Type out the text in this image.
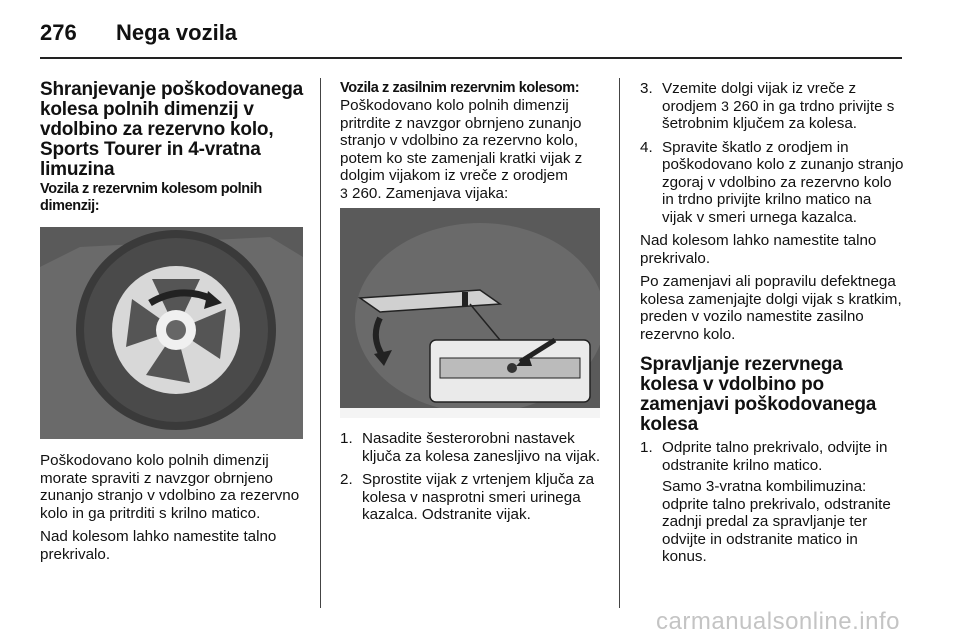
276 Nega vozila
Shranjevanje poškodovanega kolesa polnih dimenzij v vdolbino za rezervno kolo, Sports Tourer in 4-vratna limuzina
Vozila z rezervnim kolesom polnih dimenzij:

Poškodovano kolo polnih dimenzij morate spraviti z navzgor obrnjeno zunanjo stranjo v vdolbino za rezervno kolo in ga pritrditi s krilno matico.

Nad kolesom lahko namestite talno prekrivalo.

Vozila z zasilnim rezervnim kolesom:

Poškodovano kolo polnih dimenzij pritrdite z navzgor obrnjeno zunanjo stranjo v vdolbino za rezervno kolo, potem ko ste zamenjali kratki vijak z dolgim vijakom iz vreče z orodjem
3 260. Zamenjava vijaka:

1. Nasadite šesterorobni nastavek ključa za kolesa zanesljivo na vijak.
2. Sprostite vijak z vrtenjem ključa za kolesa v nasprotni smeri urinega kazalca. Odstranite vijak.
3. Vzemite dolgi vijak iz vreče z orodjem 3 260 in ga trdno privijte s šetrobnim ključem za kolesa.
4. Spravite škatlo z orodjem in poškodovano kolo z zunanjo stranjo zgoraj v vdolbino za rezervno kolo in trdno privijte krilno matico na vijak v smeri urnega kazalca.

Nad kolesom lahko namestite talno prekrivalo.

Po zamenjavi ali popravilu defektnega kolesa zamenjajte dolgi vijak s kratkim, preden v vozilo namestite zasilno rezervno kolo.

Spravljanje rezervnega kolesa v vdolbino po zamenjavi poškodovanega kolesa
1. Odprite talno prekrivalo, odvijte in odstranite krilno matico.
Samo 3-vratna kombilimuzina: odprite talno prekrivalo, odstranite zadnji predal za spravljanje ter odvijte in odstranite matico in konus.
carmanualsonline.info
